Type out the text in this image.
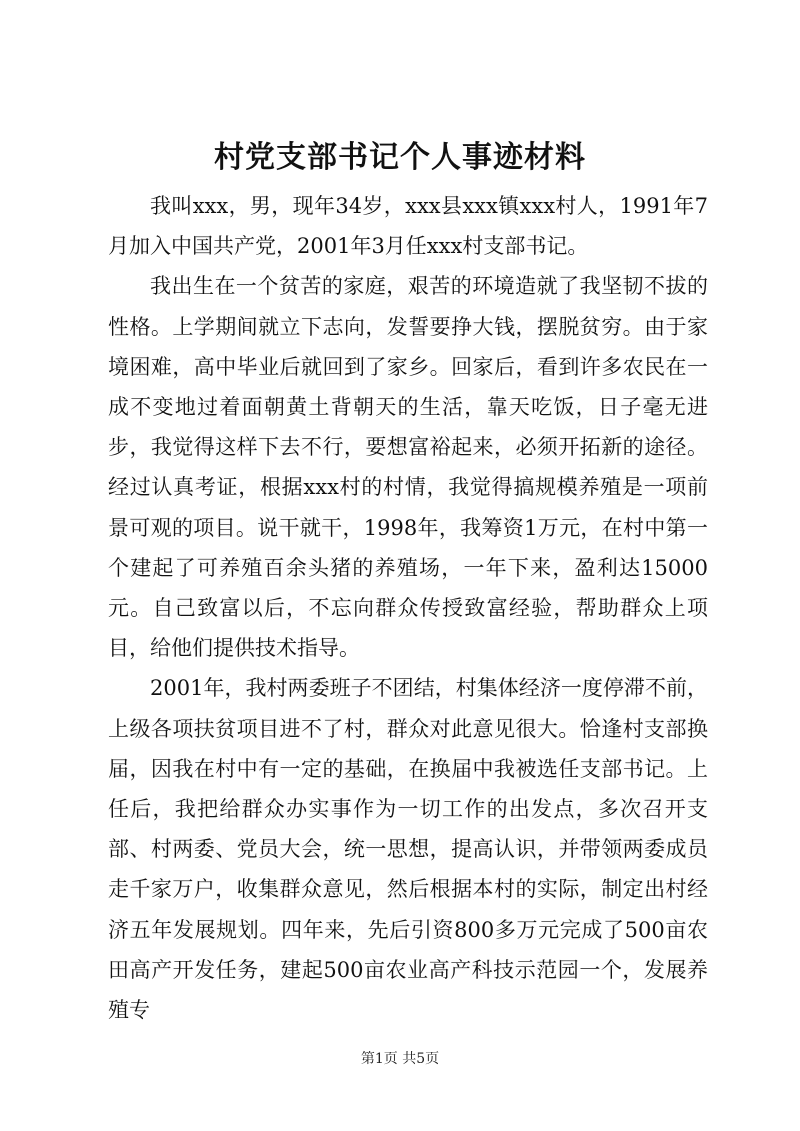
村党支部书记个人事迹材料

我叫xxx，男，现年34岁，xxx县xxx镇xxx村人，1991年7月加入中国共产党，2001年3月任xxx村支部书记。

我出生在一个贫苦的家庭，艰苦的环境造就了我坚韧不拔的性格。上学期间就立下志向，发誓要挣大钱，摆脱贫穷。由于家境困难，高中毕业后就回到了家乡。回家后，看到许多农民在一成不变地过着面朝黄土背朝天的生活，靠天吃饭，日子毫无进步，我觉得这样下去不行，要想富裕起来，必须开拓新的途径。经过认真考证，根据xxx村的村情，我觉得搞规模养殖是一项前景可观的项目。说干就干，1998年，我筹资1万元，在村中第一个建起了可养殖百余头猪的养殖场，一年下来，盈利达15000元。自己致富以后，不忘向群众传授致富经验，帮助群众上项目，给他们提供技术指导。

2001年，我村两委班子不团结，村集体经济一度停滞不前，上级各项扶贫项目进不了村，群众对此意见很大。恰逢村支部换届，因我在村中有一定的基础，在换届中我被选任支部书记。上任后，我把给群众办实事作为一切工作的出发点，多次召开支部、村两委、党员大会，统一思想，提高认识，并带领两委成员走千家万户，收集群众意见，然后根据本村的实际，制定出村经济五年发展规划。四年来，先后引资800多万元完成了500亩农田高产开发任务，建起500亩农业高产科技示范园一个，发展养殖专

第1页 共5页
